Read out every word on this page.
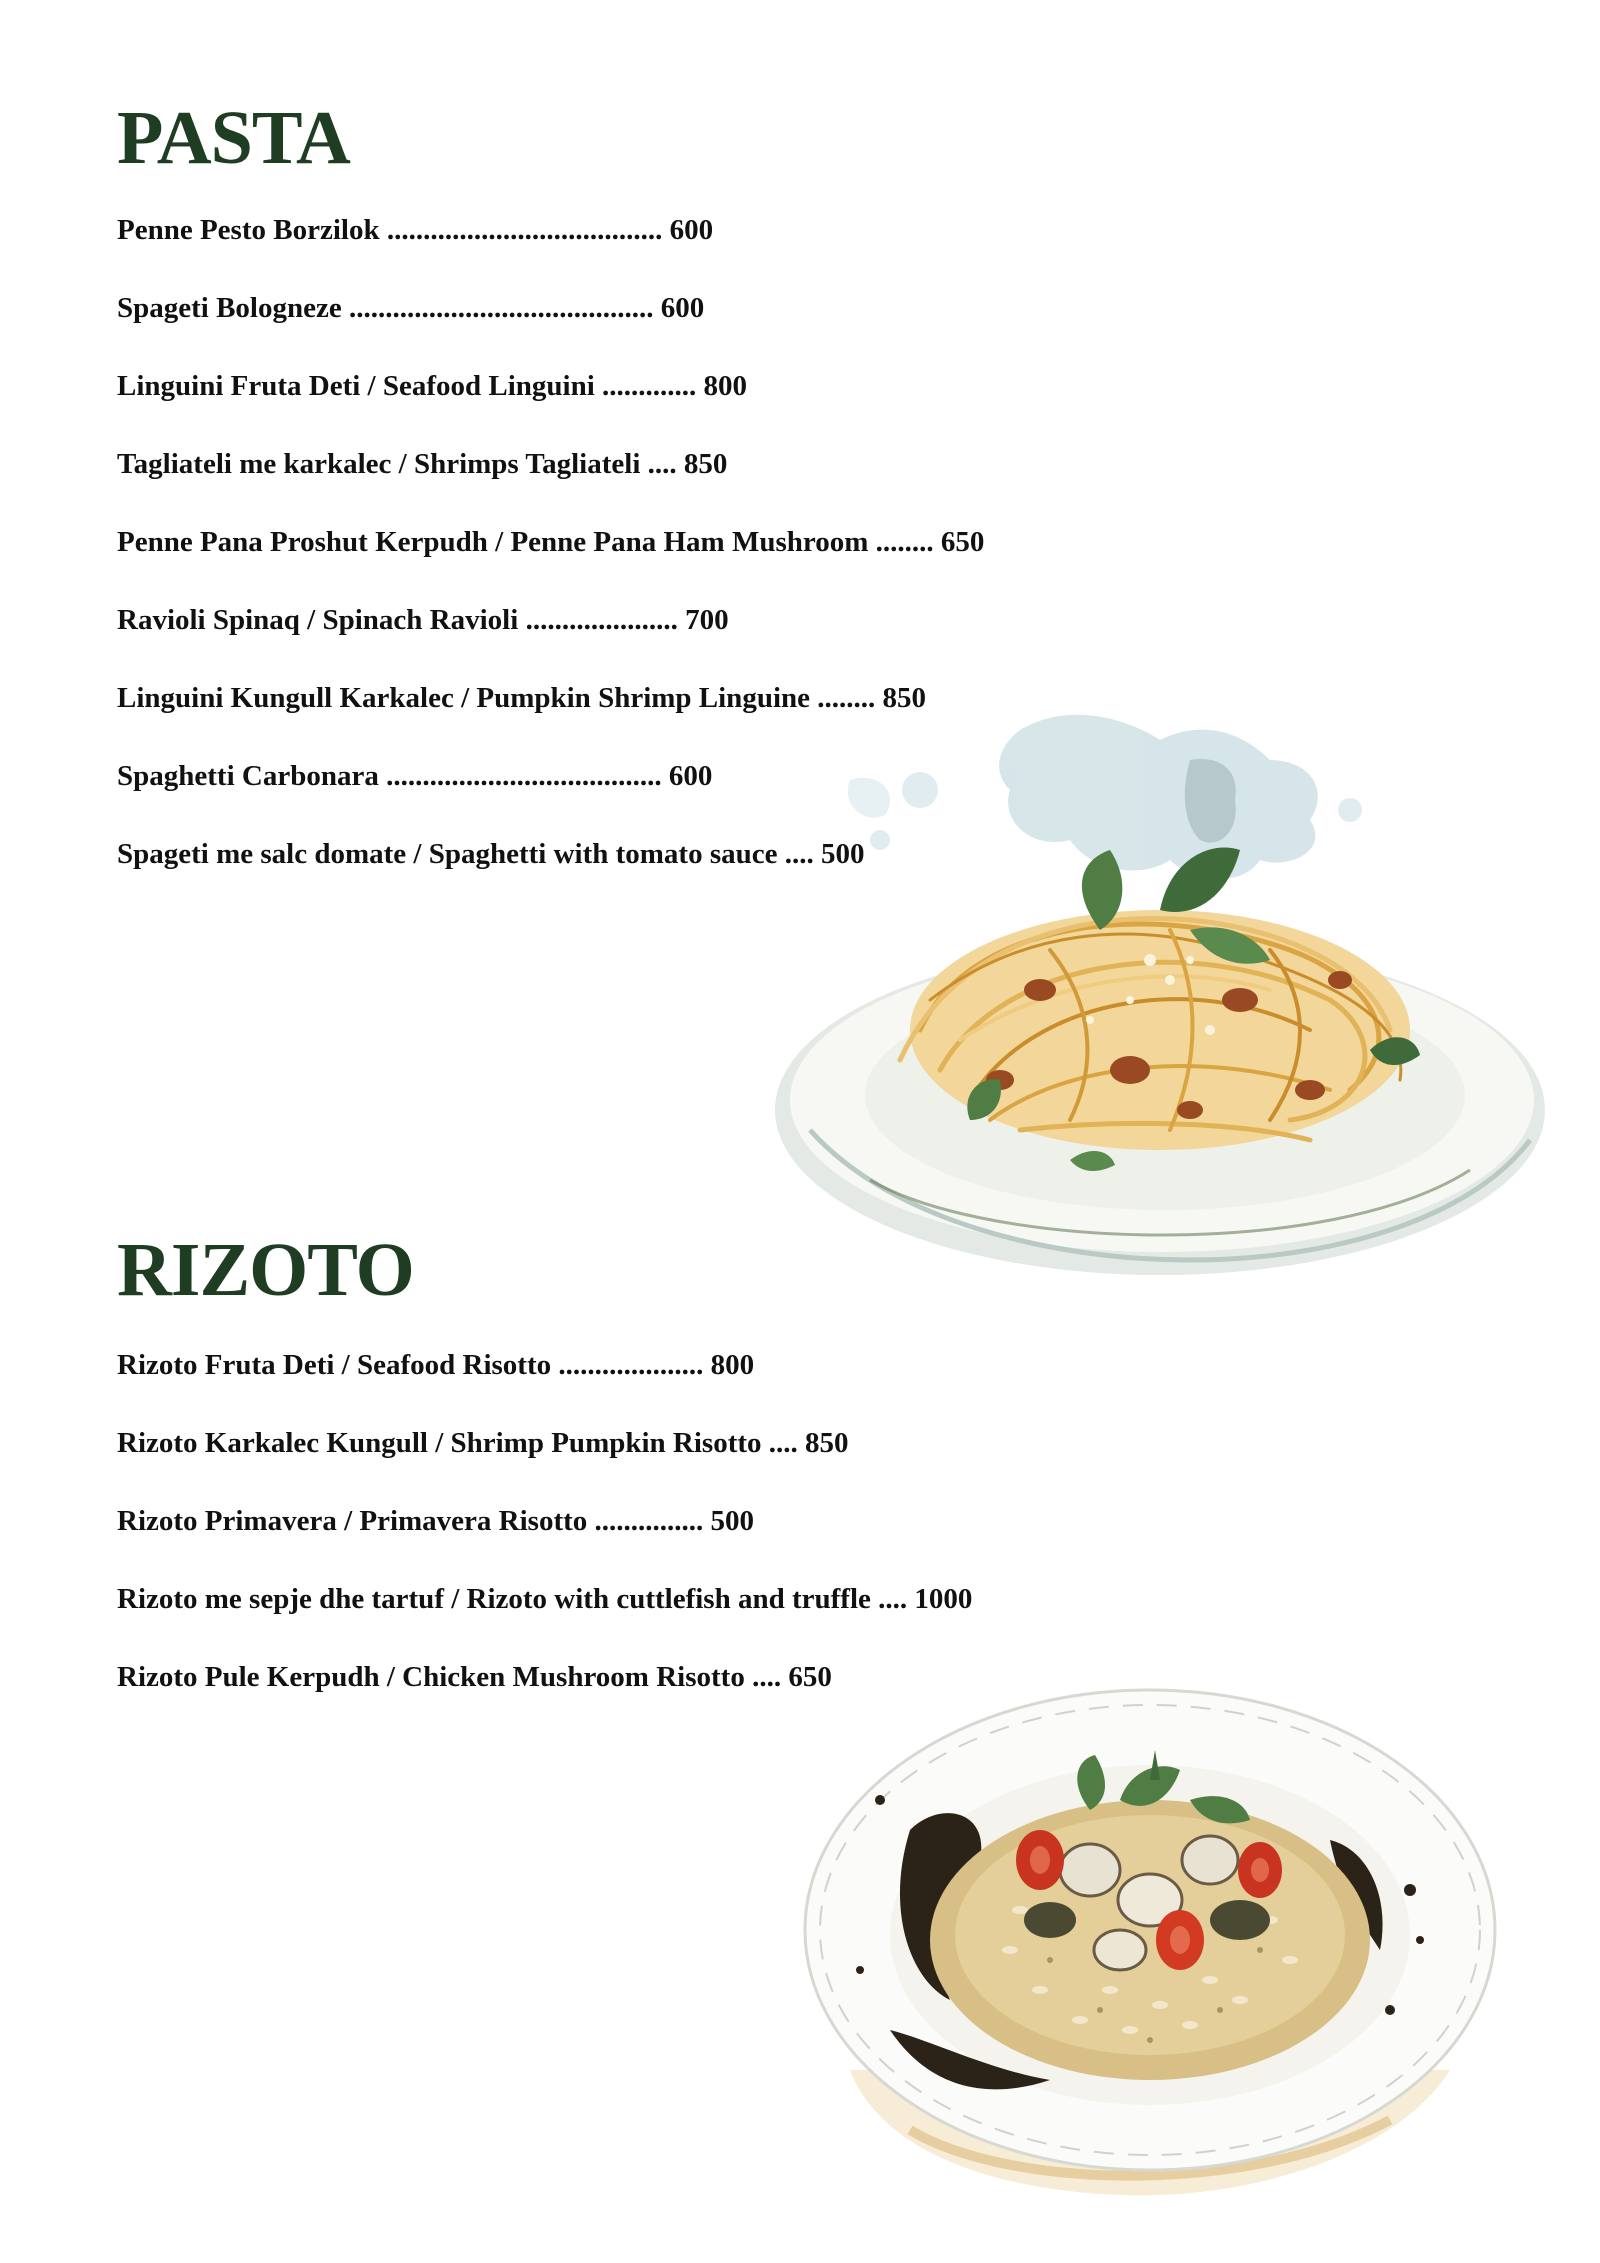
PASTA
Penne Pesto Borzilok ...................................... 600
Spageti Bologneze .......................................... 600
Linguini Fruta Deti / Seafood Linguini ............. 800
Tagliateli me karkalec / Shrimps Tagliateli .... 850
Penne Pana Proshut Kerpudh / Penne Pana Ham Mushroom ........ 650
Ravioli Spinaq / Spinach Ravioli ..................... 700
Linguini Kungull Karkalec / Pumpkin Shrimp Linguine ........ 850
Spaghetti Carbonara ...................................... 600
Spageti me salc domate / Spaghetti with tomato sauce .... 500
RIZOTO
Rizoto Fruta Deti / Seafood Risotto .................... 800
Rizoto Karkalec Kungull / Shrimp Pumpkin Risotto .... 850
Rizoto Primavera / Primavera Risotto ............... 500
Rizoto me sepje dhe tartuf / Rizoto with cuttlefish and truffle .... 1000
Rizoto Pule Kerpudh / Chicken Mushroom Risotto .... 650
